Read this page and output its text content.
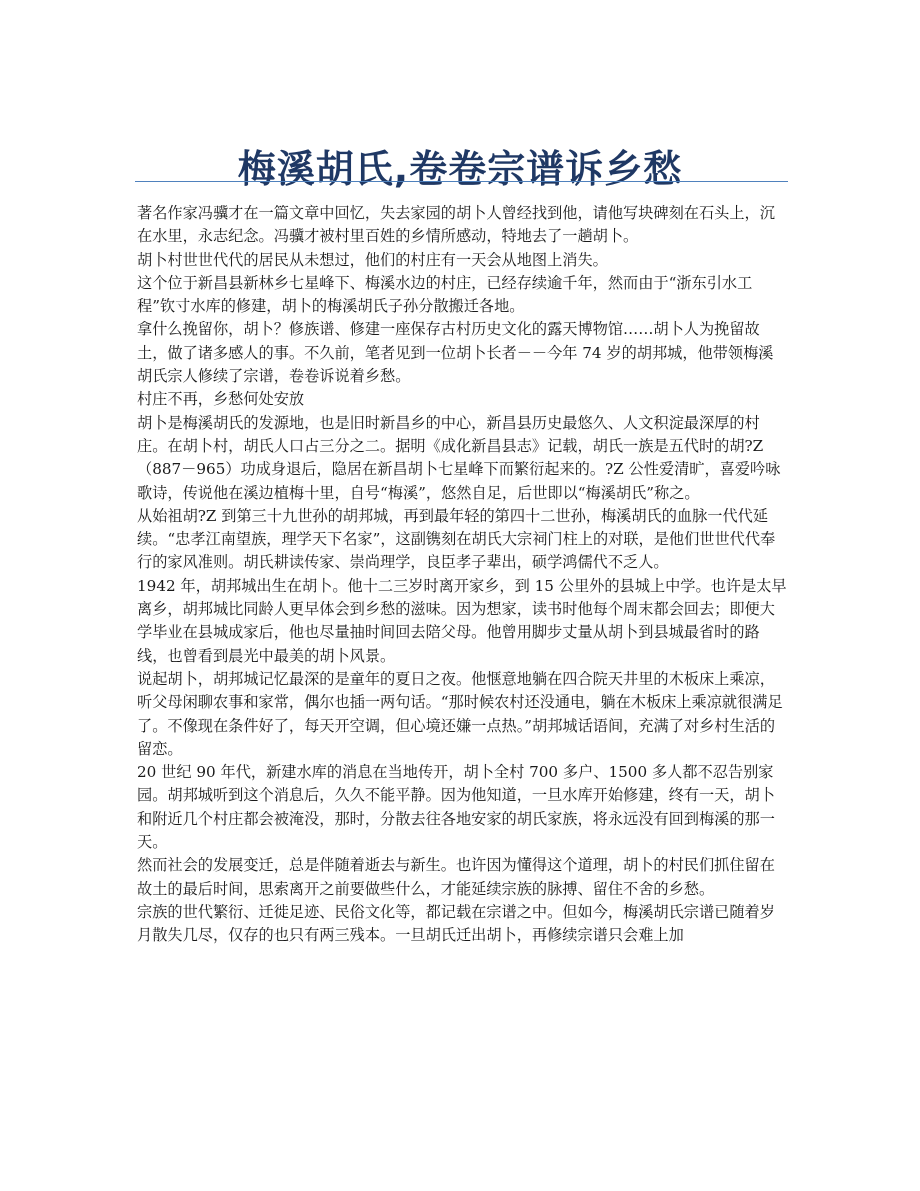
梅溪胡氏,卷卷宗谱诉乡愁

著名作家冯骥才在一篇文章中回忆，失去家园的胡卜人曾经找到他，请他写块碑刻在石头上，沉在水里，永志纪念。冯骥才被村里百姓的乡情所感动，特地去了一趟胡卜。

胡卜村世世代代的居民从未想过，他们的村庄有一天会从地图上消失。

这个位于新昌县新林乡七星峰下、梅溪水边的村庄，已经存续逾千年，然而由于“浙东引水工程”钦寸水库的修建，胡卜的梅溪胡氏子孙分散搬迁各地。

拿什么挽留你，胡卜？修族谱、修建一座保存古村历史文化的露天博物馆……胡卜人为挽留故土，做了诸多感人的事。不久前，笔者见到一位胡卜长者－－今年 74 岁的胡邦城，他带领梅溪胡氏宗人修续了宗谱，卷卷诉说着乡愁。

村庄不再，乡愁何处安放

胡卜是梅溪胡氏的发源地，也是旧时新昌乡的中心，新昌县历史最悠久、人文积淀最深厚的村庄。在胡卜村，胡氏人口占三分之二。据明《成化新昌县志》记载，胡氏一族是五代时的胡?Z（887－965）功成身退后，隐居在新昌胡卜七星峰下而繁衍起来的。?Z 公性爱清旷，喜爱吟咏歌诗，传说他在溪边植梅十里，自号“梅溪”，悠然自足，后世即以“梅溪胡氏”称之。

从始祖胡?Z 到第三十九世孙的胡邦城，再到最年轻的第四十二世孙，梅溪胡氏的血脉一代代延续。“忠孝江南望族，理学天下名家”，这副镌刻在胡氏大宗祠门柱上的对联，是他们世世代代奉行的家风准则。胡氏耕读传家、崇尚理学，良臣孝子辈出，硕学鸿儒代不乏人。

1942 年，胡邦城出生在胡卜。他十二三岁时离开家乡，到 15 公里外的县城上中学。也许是太早离乡，胡邦城比同龄人更早体会到乡愁的滋味。因为想家，读书时他每个周末都会回去；即便大学毕业在县城成家后，他也尽量抽时间回去陪父母。他曾用脚步丈量从胡卜到县城最省时的路线，也曾看到晨光中最美的胡卜风景。

说起胡卜，胡邦城记忆最深的是童年的夏日之夜。他惬意地躺在四合院天井里的木板床上乘凉，听父母闲聊农事和家常，偶尔也插一两句话。“那时候农村还没通电，躺在木板床上乘凉就很满足了。不像现在条件好了，每天开空调，但心境还嫌一点热。”胡邦城话语间，充满了对乡村生活的留恋。

20 世纪 90 年代，新建水库的消息在当地传开，胡卜全村 700 多户、1500 多人都不忍告别家园。胡邦城听到这个消息后，久久不能平静。因为他知道，一旦水库开始修建，终有一天，胡卜和附近几个村庄都会被淹没，那时，分散去往各地安家的胡氏家族，将永远没有回到梅溪的那一天。

然而社会的发展变迁，总是伴随着逝去与新生。也许因为懂得这个道理，胡卜的村民们抓住留在故土的最后时间，思索离开之前要做些什么，才能延续宗族的脉搏、留住不舍的乡愁。

宗族的世代繁衍、迁徙足迹、民俗文化等，都记载在宗谱之中。但如今，梅溪胡氏宗谱已随着岁月散失几尽，仅存的也只有两三残本。一旦胡氏迁出胡卜，再修续宗谱只会难上加
